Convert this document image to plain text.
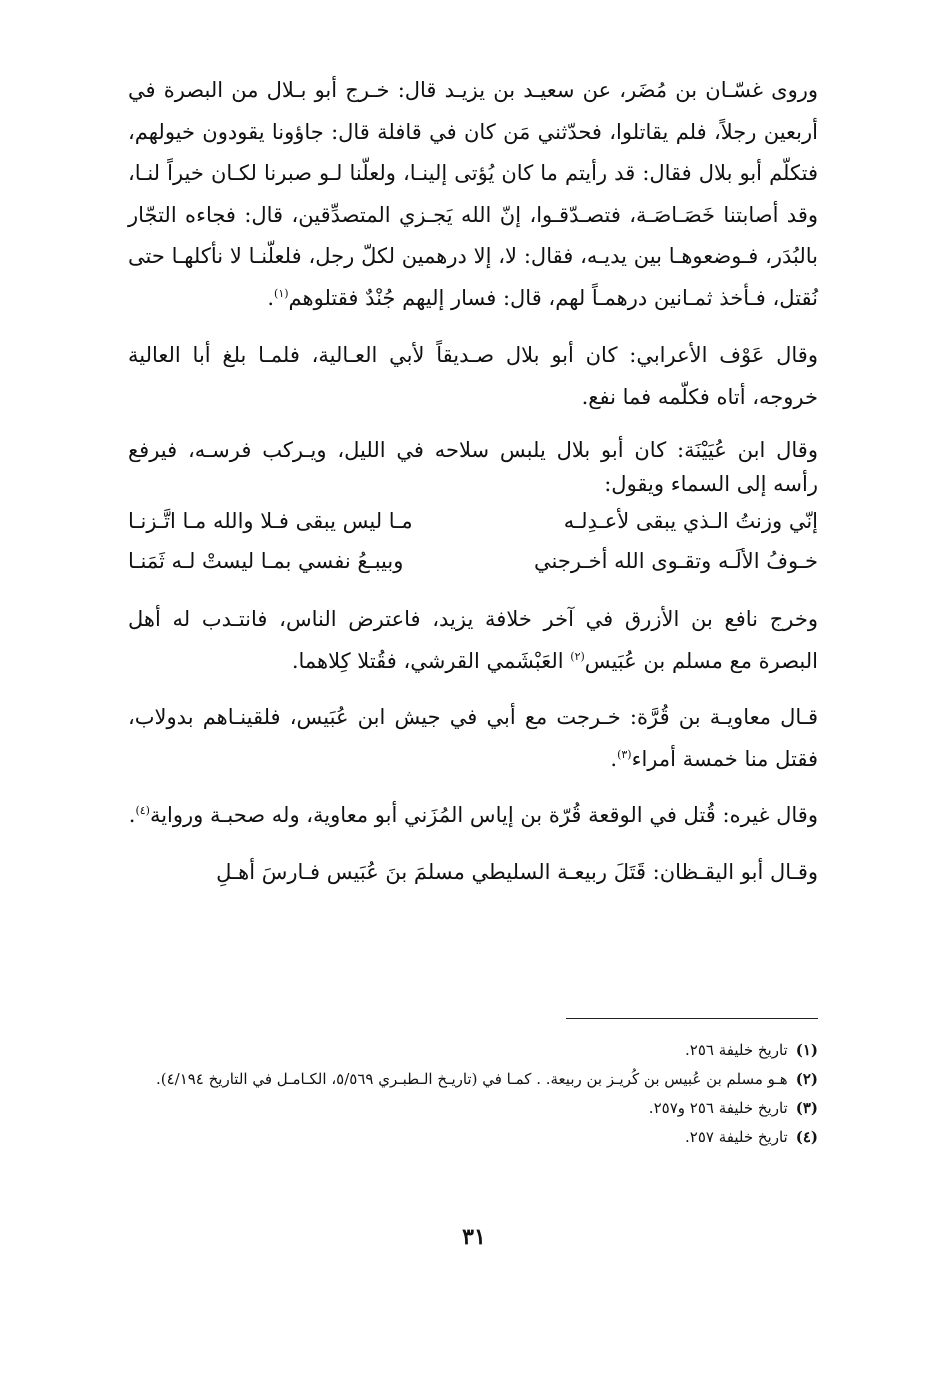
وروى غسّـان بن مُضَر، عن سعيـد بن يزيـد قال: خـرج أبو بـلال من البصرة في أربعين رجلاً، فلم يقاتلوا، فحدّثني مَن كان في قافلة قال: جاؤونا يقودون خيولهم، فتكلّم أبو بلال فقال: قد رأيتم ما كان يُؤتى إلينـا، ولعلّنا لـو صبرنا لكـان خيراً لنـا، وقد أصابتنا خَصَـاصَـة، فتصـدّقـوا، إنّ الله يَجـزي المتصدِّقين، قال: فجاءه التجّار بالبُدَر، فـوضعوهـا بين يديـه، فقال: لا، إلا درهمين لكلّ رجل، فلعلّنـا لا نأكلهـا حتى نُقتل، فـأخذ ثمـانين درهمـاً لهم، قال: فسار إليهم جُنْدٌ فقتلوهم$^{(١)}$.

وقال عَوْف الأعرابي: كان أبو بلال صـديقاً لأبي العـالية، فلمـا بلغ أبا العالية خروجه، أتاه فكلّمه فما نفع.

وقال ابن عُيَيْنَة: كان أبو بلال يلبس سلاحه في الليل، ويـركب فرسـه، فيرفع رأسه إلى السماء ويقول:

إنّي وزنتُ الـذي يبقى لأعـدِلـه
مـا ليس يبقى فـلا والله مـا اتَّـزنـا
خـوفُ الألَـه وتقـوى الله أخـرجني
وبيبـعُ نفسي بمـا ليستْ لـه ثَمَنـا

وخرج نافع بن الأزرق في آخر خلافة يزيد، فاعترض الناس، فانتـدب له أهل البصرة مع مسلم بن عُبَيس$^{(٢)}$ العَبْشَمي القرشي، فقُتلا كِلاهما.

قـال معاويـة بن قُرَّة: خـرجت مع أبي في جيش ابن عُبَيس، فلقينـاهم بدولاب، فقتل منا خمسة أمراء$^{(٣)}$.

وقال غيره: قُتل في الوقعة قُرّة بن إياس المُزَني أبو معاوية، وله صحبـة ورواية$^{(٤)}$.

وقـال أبو اليقـظان: قَتَلَ ربيعـة السليطي مسلمَ بنَ عُبَيس فـارسَ أهـلِ

(١)
تاريخ خليفة ٢٥٦.
(٢)
هـو مسلم بن عُبيس بن كُريـز بن ربيعة. . كمـا في (تاريـخ الـطبـري ٥/٥٦٩، الكـامـل في التاريخ ٤/١٩٤).
(٣)
تاريخ خليفة ٢٥٦ و٢٥٧.
(٤)
تاريخ خليفة ٢٥٧.
٣١
